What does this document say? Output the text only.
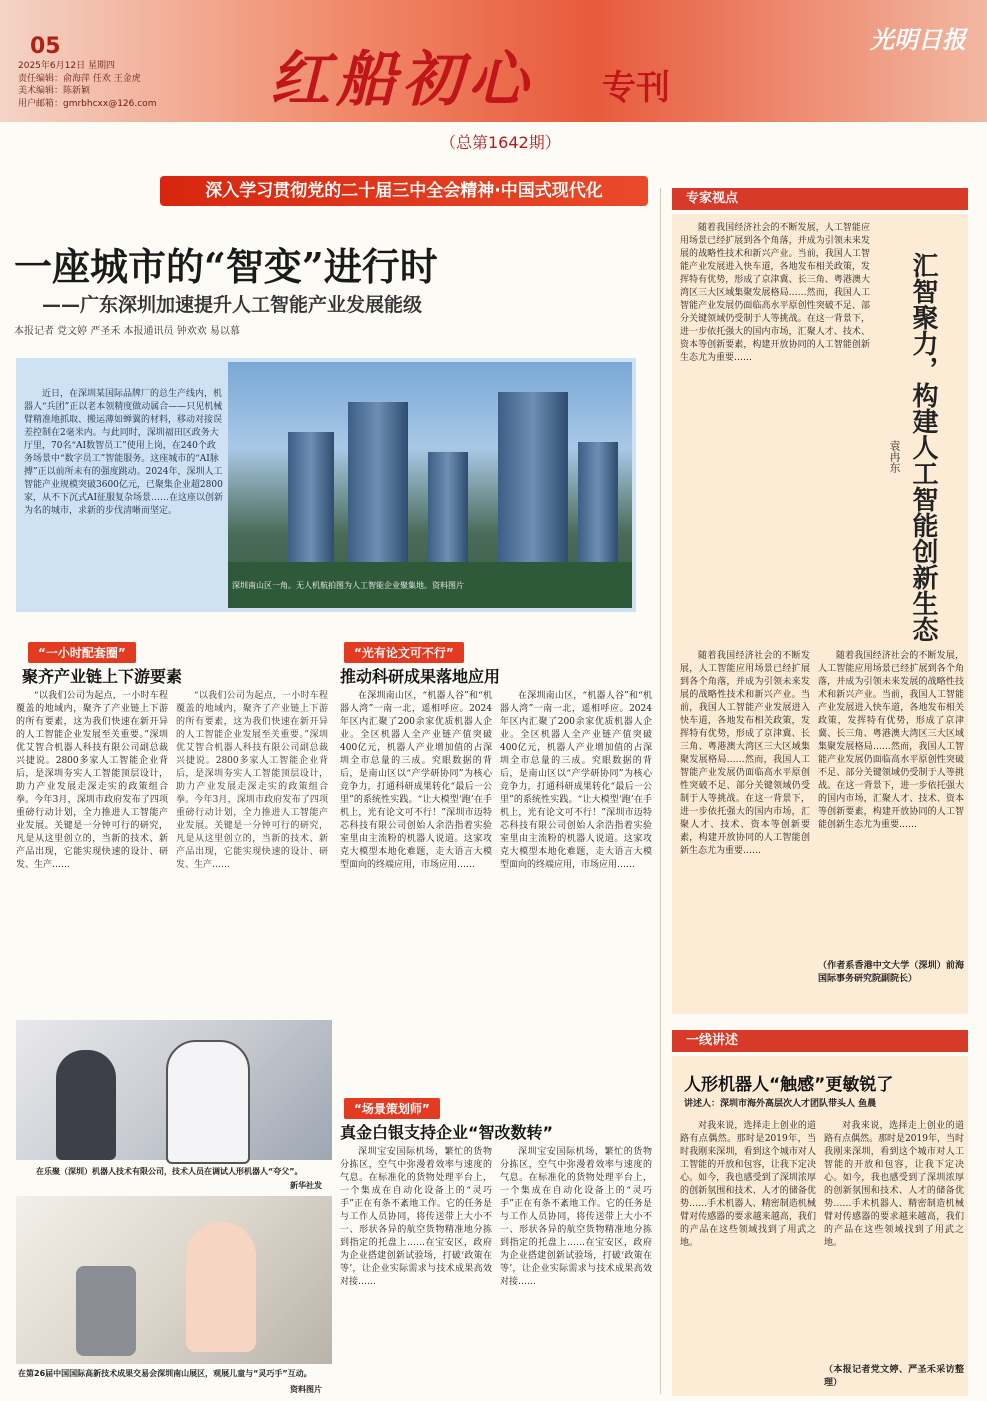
05
2025年6月12日 星期四
责任编辑：俞海萍 任欢 王金虎
美术编辑：陈新颖
用户邮箱：gmrbhcxx@126.com 红船初心 专刊
光明日报
（总第1642期）
深入学习贯彻党的二十届三中全会精神·中国式现代化
一座城市的“智变”进行时
——广东深圳加速提升人工智能产业发展能级
本报记者 党文婷 严圣禾 本报通讯员 钟欢欢 易以慕
近日，在深圳某国际品牌厂的总生产线内，机器人“兵团”正以老本领精度做动属合——只见机械臂精准地抓取、搬运薄如蝉翼的材料，移动对接误差控制在2毫米内。与此同时，深圳福田区政务大厅里，70名“AI数智员工”使用上岗，在240个政务场景中“数字员工”智能服务。这座城市的“AI脉搏”正以前所未有的强度跳动。2024年，深圳人工智能产业规模突破3600亿元，已聚集企业超2800家，从不下沉式AI征服复杂场景……在这座以创新为名的城市，求新的步伐清晰而坚定。
深圳南山区一角。无人机航拍图为人工智能企业聚集地。资料图片
“一小时配套圈”
聚齐产业链上下游要素

“以我们公司为起点，一小时车程覆盖的地域内，聚齐了产业链上下游的所有要素，这为我们快速在新开异的人工智能企业发展至关重要。”深圳优艾智合机器人科技有限公司副总裁兴捷说。2800多家人工智能企业背后，是深圳夯实人工智能顶层设计，助力产业发展走深走实的政策组合拳。今年3月，深圳市政府发布了四项重磅行动计划，全力推进人工智能产业发展。关键是一分钟可行的研究，凡是从这里创立的，当新的技术、新产品出现，它能实现快速的设计、研发、生产……

“以我们公司为起点，一小时车程覆盖的地域内，聚齐了产业链上下游的所有要素，这为我们快速在新开异的人工智能企业发展至关重要。”深圳优艾智合机器人科技有限公司副总裁兴捷说。2800多家人工智能企业背后，是深圳夯实人工智能顶层设计，助力产业发展走深走实的政策组合拳。今年3月，深圳市政府发布了四项重磅行动计划，全力推进人工智能产业发展。关键是一分钟可行的研究，凡是从这里创立的，当新的技术、新产品出现，它能实现快速的设计、研发、生产……

在乐聚（深圳）机器人技术有限公司，技术人员在调试人形机器人“夸父”。
新华社发
在第26届中国国际高新技术成果交易会深圳南山展区，观展儿童与“灵巧手”互动。
资料图片
“光有论文可不行”
推动科研成果落地应用

在深圳南山区，“机器人谷”和“机器人湾”一南一北，遥相呼应。2024年区内汇聚了200余家优质机器人企业。全区机器人全产业链产值突破400亿元，机器人产业增加值的占深圳全市总量的三成。究眼数据的背后，是南山区以“产学研协同”为核心竞争力，打通科研成果转化“最后一公里”的系统性实践。“让大模型‘跑’在手机上，光有论文可不行！”深圳市迈特芯科技有限公司创始人余浩指着实验室里由主流粉的机器人说道。这家攻克大模型本地化难题，走大语言大模型面向的终端应用，市场应用……

在深圳南山区，“机器人谷”和“机器人湾”一南一北，遥相呼应。2024年区内汇聚了200余家优质机器人企业。全区机器人全产业链产值突破400亿元，机器人产业增加值的占深圳全市总量的三成。究眼数据的背后，是南山区以“产学研协同”为核心竞争力，打通科研成果转化“最后一公里”的系统性实践。“让大模型‘跑’在手机上，光有论文可不行！”深圳市迈特芯科技有限公司创始人余浩指着实验室里由主流粉的机器人说道。这家攻克大模型本地化难题，走大语言大模型面向的终端应用，市场应用……

“场景策划师”
真金白银支持企业“智改数转”

深圳宝安国际机场，繁忙的货物分拣区，空气中弥漫着效率与速度的气息。在标准化的货物处理平台上，一个集成在自动化设备上的“灵巧手”正在有条不紊地工作。它的任务是与工作人员协同，将传送带上大小不一、形状各异的航空货物精准地分拣到指定的托盘上……在宝安区，政府为企业搭建创新试验场，打破‘政策在等’，让企业实际需求与技术成果高效对接……

深圳宝安国际机场，繁忙的货物分拣区，空气中弥漫着效率与速度的气息。在标准化的货物处理平台上，一个集成在自动化设备上的“灵巧手”正在有条不紊地工作。它的任务是与工作人员协同，将传送带上大小不一、形状各异的航空货物精准地分拣到指定的托盘上……在宝安区，政府为企业搭建创新试验场，打破‘政策在等’，让企业实际需求与技术成果高效对接……

专家视点
汇智聚力，构建人工智能创新生态
袁冉东

随着我国经济社会的不断发展，人工智能应用场景已经扩展到各个角落，并成为引领未来发展的战略性技术和新兴产业。当前，我国人工智能产业发展进入快车道，各地发布相关政策，发挥特有优势，形成了京津冀、长三角、粤港澳大湾区三大区域集聚发展格局……然而，我国人工智能产业发展仍面临高水平原创性突破不足、部分关键领域仍受制于人等挑战。在这一背景下，进一步依托强大的国内市场，汇聚人才、技术、资本等创新要素，构建开放协同的人工智能创新生态尤为重要……

随着我国经济社会的不断发展，人工智能应用场景已经扩展到各个角落，并成为引领未来发展的战略性技术和新兴产业。当前，我国人工智能产业发展进入快车道，各地发布相关政策，发挥特有优势，形成了京津冀、长三角、粤港澳大湾区三大区域集聚发展格局……然而，我国人工智能产业发展仍面临高水平原创性突破不足、部分关键领域仍受制于人等挑战。在这一背景下，进一步依托强大的国内市场，汇聚人才、技术、资本等创新要素，构建开放协同的人工智能创新生态尤为重要……

随着我国经济社会的不断发展，人工智能应用场景已经扩展到各个角落，并成为引领未来发展的战略性技术和新兴产业。当前，我国人工智能产业发展进入快车道，各地发布相关政策，发挥特有优势，形成了京津冀、长三角、粤港澳大湾区三大区域集聚发展格局……然而，我国人工智能产业发展仍面临高水平原创性突破不足、部分关键领域仍受制于人等挑战。在这一背景下，进一步依托强大的国内市场，汇聚人才、技术、资本等创新要素，构建开放协同的人工智能创新生态尤为重要……

（作者系香港中文大学（深圳）前海国际事务研究院副院长）
一线讲述
人形机器人“触感”更敏锐了
讲述人：深圳市海外高层次人才团队带头人 鱼晨

对我来说，选择走上创业的道路有点偶然。那时是2019年，当时我刚来深圳，看到这个城市对人工智能的开放和包容，让我下定决心。如今，我也感受到了深圳浓厚的创新氛围和技术、人才的储备优势……手术机器人、精密制造机械臂对传感器的要求越来越高，我们的产品在这些领域找到了用武之地。

对我来说，选择走上创业的道路有点偶然。那时是2019年，当时我刚来深圳，看到这个城市对人工智能的开放和包容，让我下定决心。如今，我也感受到了深圳浓厚的创新氛围和技术、人才的储备优势……手术机器人、精密制造机械臂对传感器的要求越来越高，我们的产品在这些领域找到了用武之地。

（本报记者党文婷、严圣禾采访整理）
